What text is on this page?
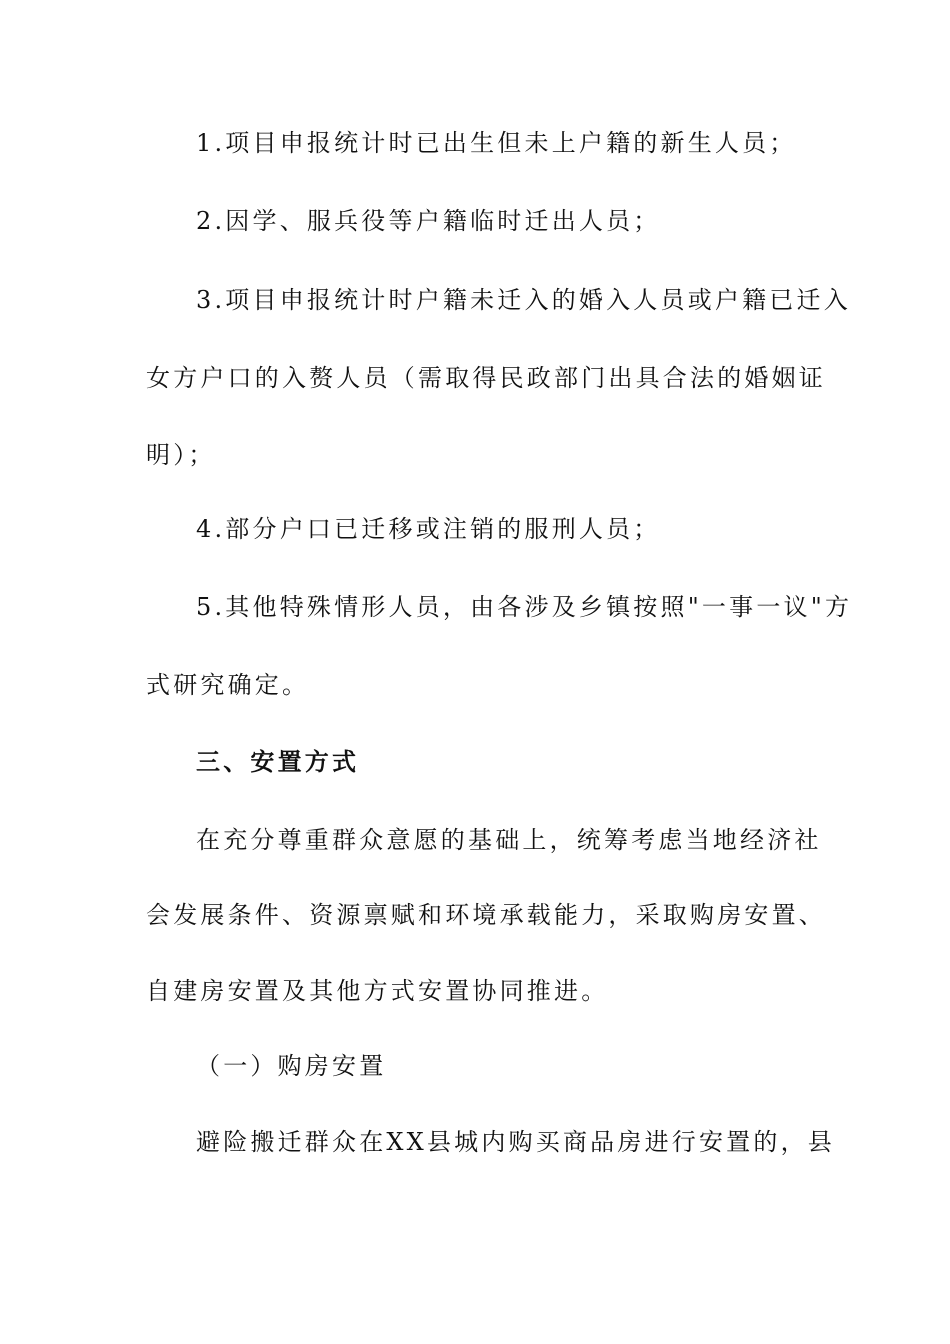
1.项目申报统计时已出生但未上户籍的新生人员；
2.因学、服兵役等户籍临时迁出人员；
3.项目申报统计时户籍未迁入的婚入人员或户籍已迁入
女方户口的入赘人员（需取得民政部门出具合法的婚姻证
明）；
4.部分户口已迁移或注销的服刑人员；
5.其他特殊情形人员，由各涉及乡镇按照"一事一议"方
式研究确定。
三、安置方式
在充分尊重群众意愿的基础上，统筹考虑当地经济社
会发展条件、资源禀赋和环境承载能力，采取购房安置、
自建房安置及其他方式安置协同推进。
（一）购房安置
避险搬迁群众在XX县城内购买商品房进行安置的，县
